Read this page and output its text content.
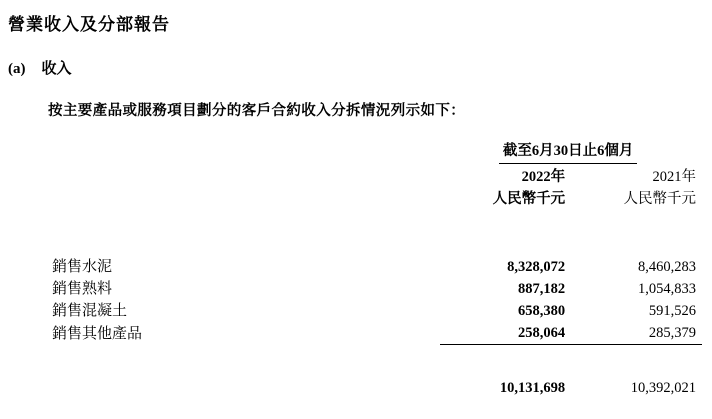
營業收入及分部報告
(a) 收入
按主要產品或服務項目劃分的客戶合約收入分拆情況列示如下：
	截至6月30日止6個月	
	2022年	2021年
	人民幣千元	人民幣千元

銷售水泥	8,328,072	8,460,283
銷售熟料	887,182	1,054,833
銷售混凝土	658,380	591,526
銷售其他產品	258,064	285,379

	10,131,698	10,392,021
